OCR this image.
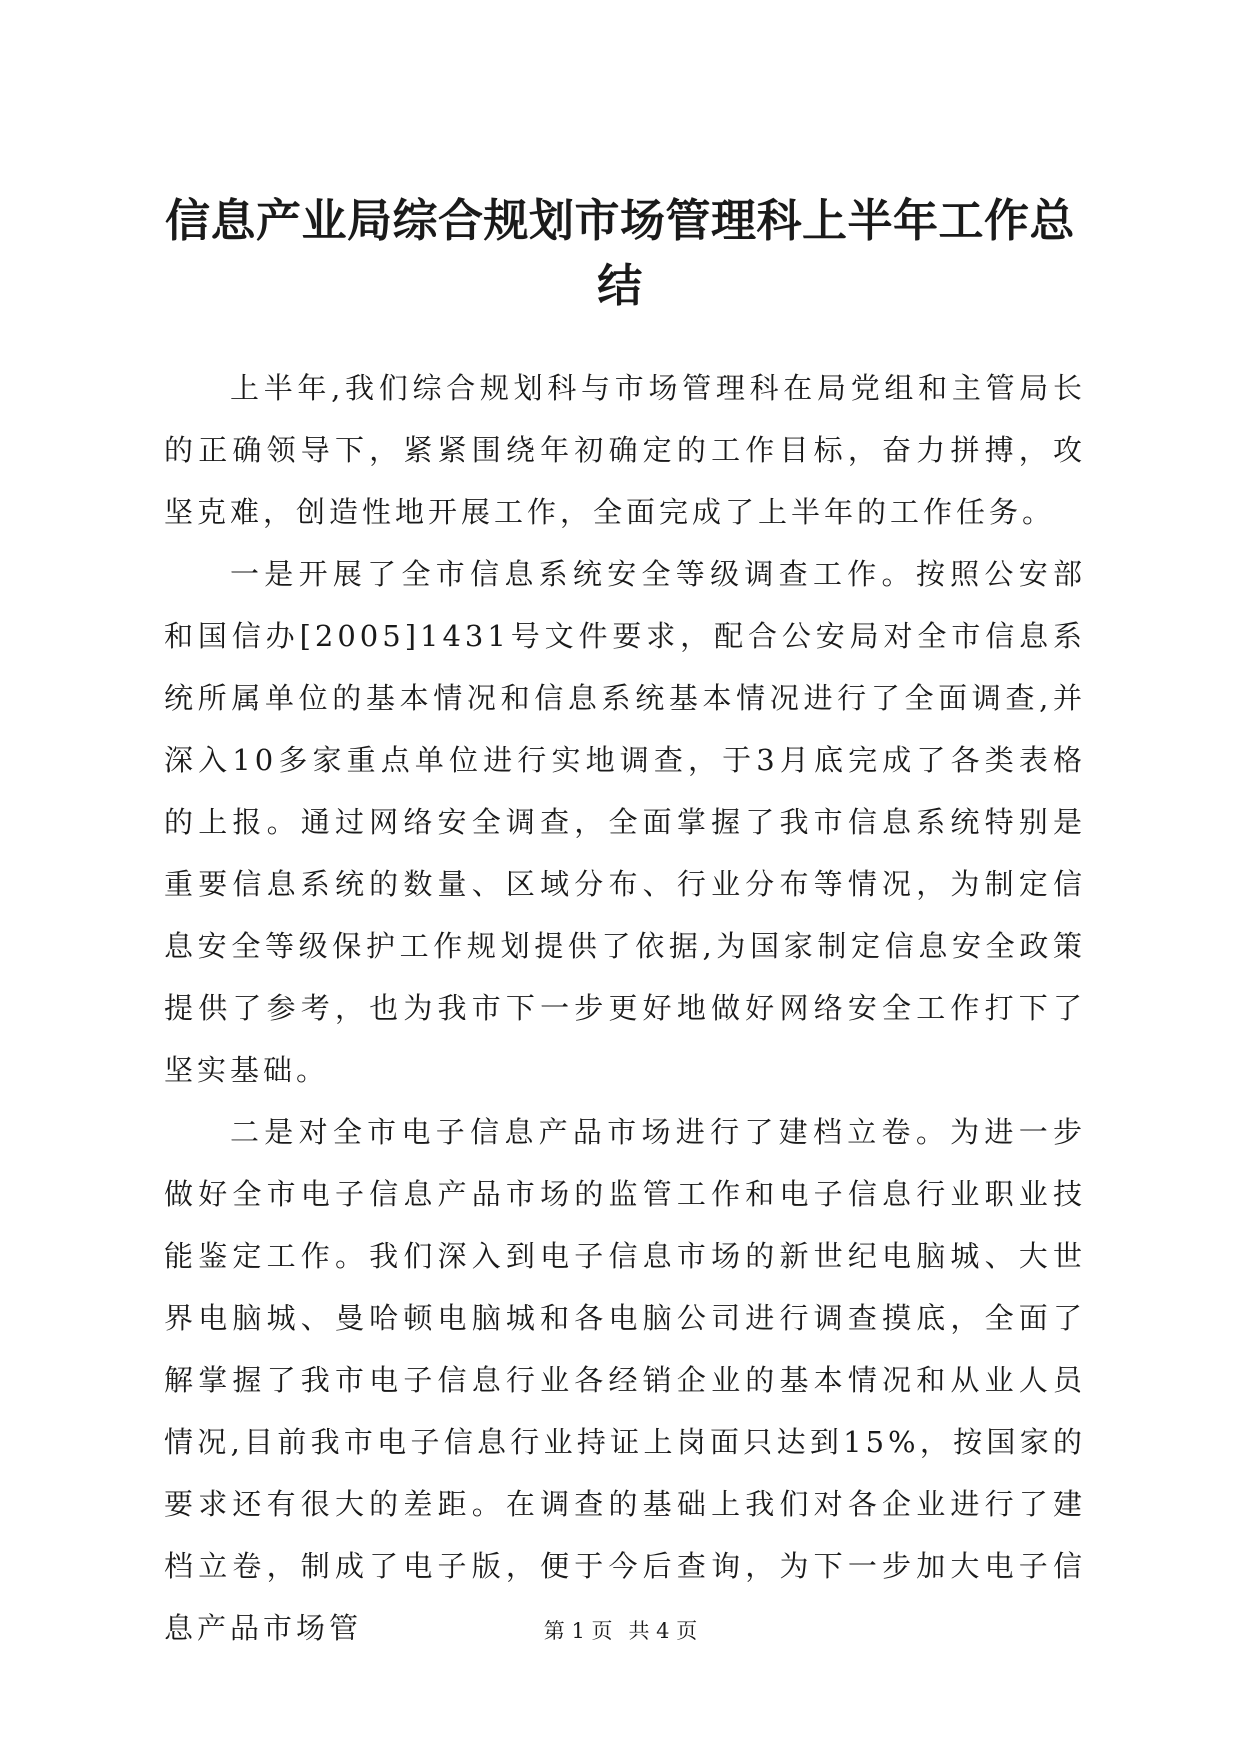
信息产业局综合规划市场管理科上半年工作总结

上半年,我们综合规划科与市场管理科在局党组和主管局长的正确领导下，紧紧围绕年初确定的工作目标，奋力拼搏，攻坚克难，创造性地开展工作，全面完成了上半年的工作任务。

一是开展了全市信息系统安全等级调查工作。按照公安部和国信办[2005]1431号文件要求，配合公安局对全市信息系统所属单位的基本情况和信息系统基本情况进行了全面调查,并深入10多家重点单位进行实地调查，于3月底完成了各类表格的上报。通过网络安全调查，全面掌握了我市信息系统特别是重要信息系统的数量、区域分布、行业分布等情况，为制定信息安全等级保护工作规划提供了依据,为国家制定信息安全政策提供了参考，也为我市下一步更好地做好网络安全工作打下了坚实基础。

二是对全市电子信息产品市场进行了建档立卷。为进一步做好全市电子信息产品市场的监管工作和电子信息行业职业技能鉴定工作。我们深入到电子信息市场的新世纪电脑城、大世界电脑城、曼哈顿电脑城和各电脑公司进行调查摸底，全面了解掌握了我市电子信息行业各经销企业的基本情况和从业人员情况,目前我市电子信息行业持证上岗面只达到15%，按国家的要求还有很大的差距。在调查的基础上我们对各企业进行了建档立卷，制成了电子版，便于今后查询，为下一步加大电子信息产品市场管	第 1 页 共 4 页
